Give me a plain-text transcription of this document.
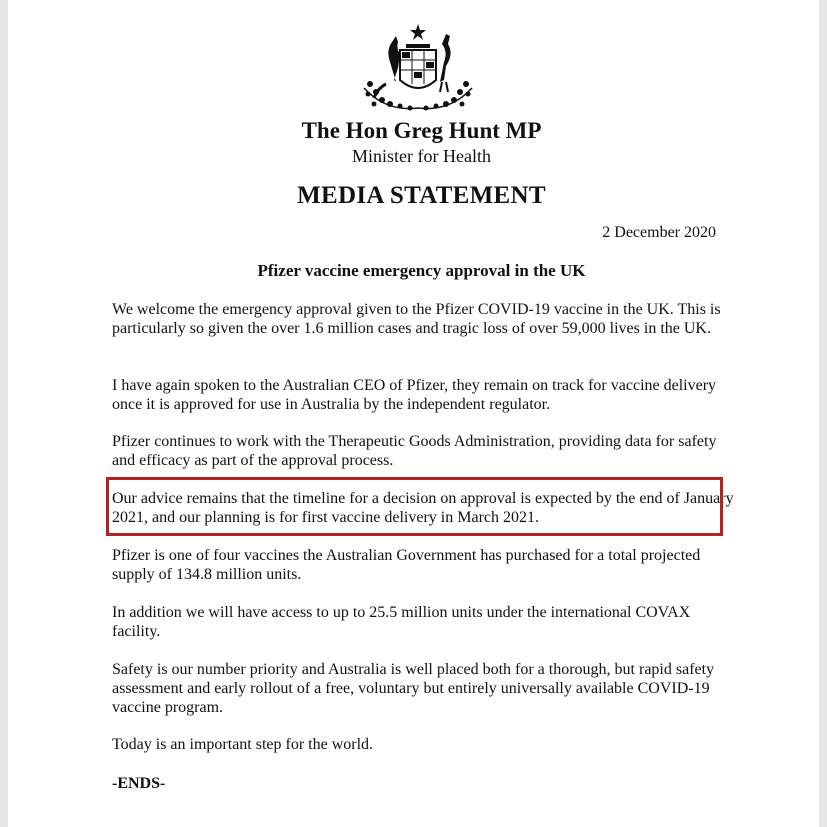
The Hon Greg Hunt MP
Minister for Health
MEDIA STATEMENT
2 December 2020
Pfizer vaccine emergency approval in the UK

We welcome the emergency approval given to the Pfizer COVID-19 vaccine in the UK. This is particularly so given the over 1.6 million cases and tragic loss of over 59,000 lives in the UK.

I have again spoken to the Australian CEO of Pfizer, they remain on track for vaccine delivery once it is approved for use in Australia by the independent regulator.

Pfizer continues to work with the Therapeutic Goods Administration, providing data for safety and efficacy as part of the approval process.

Our advice remains that the timeline for a decision on approval is expected by the end of January 2021, and our planning is for first vaccine delivery in March 2021.

Pfizer is one of four vaccines the Australian Government has purchased for a total projected supply of 134.8 million units.

In addition we will have access to up to 25.5 million units under the international COVAX facility.

Safety is our number priority and Australia is well placed both for a thorough, but rapid safety assessment and early rollout of a free, voluntary but entirely universally available COVID-19 vaccine program.

Today is an important step for the world.

-ENDS-
